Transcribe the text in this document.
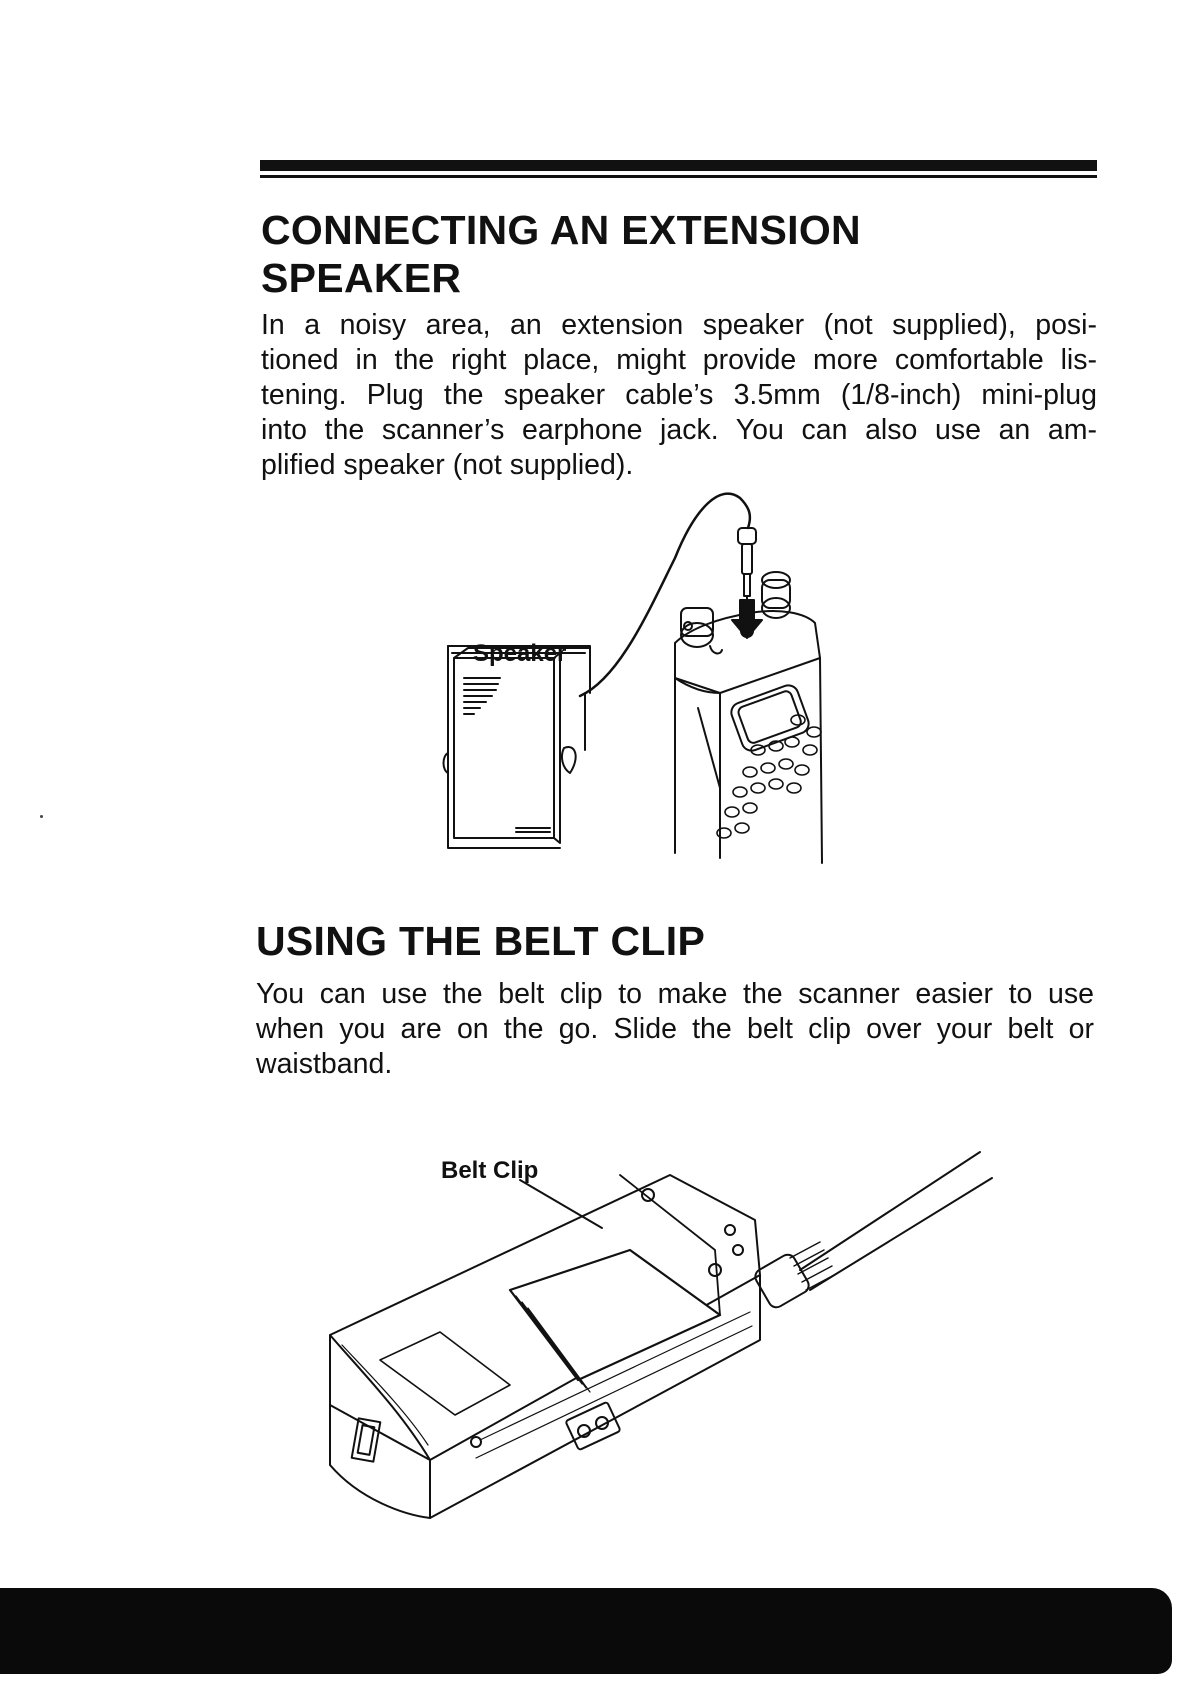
CONNECTING AN EXTENSION
SPEAKER

In a noisy area, an extension speaker (not supplied), posi-
tioned in the right place, might provide more comfortable lis-
tening. Plug the speaker cable’s 3.5mm (1/8-inch) mini-plug
into the scanner’s earphone jack. You can also use an am-
plified speaker (not supplied).

Speaker

USING THE BELT CLIP

You can use the belt clip to make the scanner easier to use
when you are on the go. Slide the belt clip over your belt or
waistband.

Belt Clip
